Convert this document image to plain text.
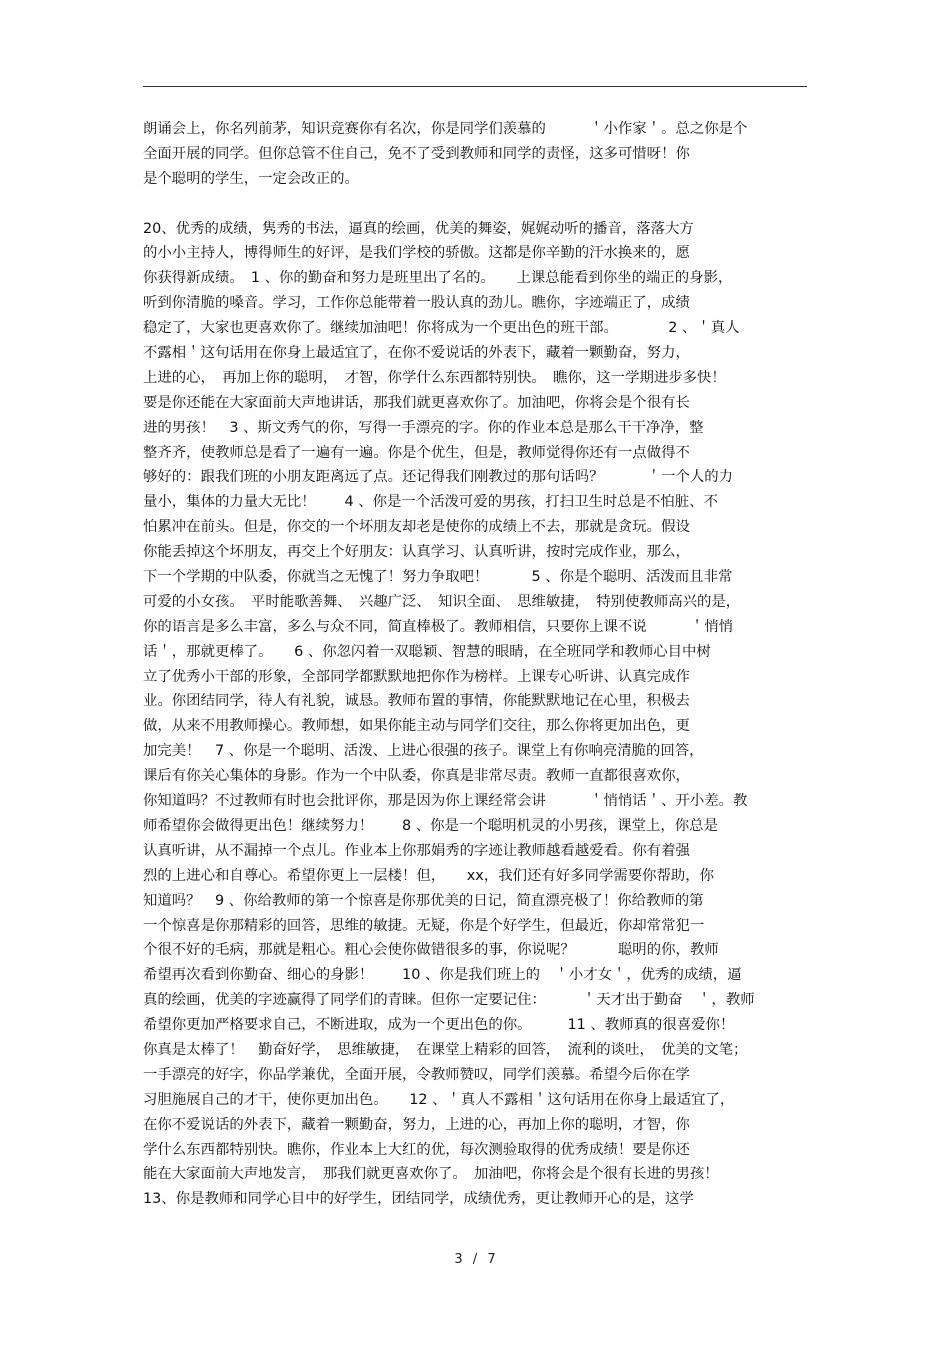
朗诵会上，你名列前茅，知识竞赛你有名次，你是同学们羡慕的　　　＇小作家＇。总之你是个
全面开展的同学。但你总管不住自己，免不了受到教师和同学的责怪，这多可惜呀！你
是个聪明的学生，一定会改正的。
20、优秀的成绩，隽秀的书法，逼真的绘画，优美的舞姿，娓娓动听的播音，落落大方
的小小主持人，博得师生的好评，是我们学校的骄傲。这都是你辛勤的汗水换来的，愿
你获得新成绩。　1 、你的勤奋和努力是班里出了名的。　　上课总能看到你坐的端正的身影，
听到你清脆的嗓音。学习，工作你总能带着一股认真的劲儿。瞧你，字迹端正了，成绩
稳定了，大家也更喜欢你了。继续加油吧！你将成为一个更出色的班干部。　　　　2 、＇真人
不露相＇这句话用在你身上最适宜了，在你不爱说话的外表下，藏着一颗勤奋，努力，
上进的心，　再加上你的聪明，　才智，你学什么东西都特别快。　瞧你，这一学期进步多快！
要是你还能在大家面前大声地讲话，那我们就更喜欢你了。加油吧，你将会是个很有长
进的男孩！　3 、斯文秀气的你，写得一手漂亮的字。你的作业本总是那么干干净净，整
整齐齐，使教师总是看了一遍有一遍。你是个优生，但是，教师觉得你还有一点做得不
够好的：跟我们班的小朋友距离远了点。还记得我们刚教过的那句话吗？　　　＇一个人的力
量小，集体的力量大无比！　　4 、你是一个活泼可爱的男孩，打扫卫生时总是不怕脏、不
怕累冲在前头。但是，你交的一个坏朋友却老是使你的成绩上不去，那就是贪玩。假设
你能丢掉这个坏朋友，再交上个好朋友：认真学习、认真听讲，按时完成作业，那么，
下一个学期的中队委，你就当之无愧了！努力争取吧！　　　5 、你是个聪明、活泼而且非常
可爱的小女孩。　平时能歌善舞、　兴趣广泛、　知识全面、　思维敏捷，　特别使教师高兴的是，
你的语言是多么丰富，多么与众不同，简直棒极了。教师相信，只要你上课不说　　　＇悄悄
话＇，那就更棒了。　　6 、你忽闪着一双聪颖、智慧的眼睛，在全班同学和教师心目中树
立了优秀小干部的形象，全部同学都默默地把你作为榜样。上课专心听讲、认真完成作
业。你团结同学，待人有礼貌，诚恳。教师布置的事情，你能默默地记在心里，积极去
做，从来不用教师操心。教师想，如果你能主动与同学们交往，那么你将更加出色，更
加完美！　7 、你是一个聪明、活泼、上进心很强的孩子。课堂上有你响亮清脆的回答，
课后有你关心集体的身影。作为一个中队委，你真是非常尽责。教师一直都很喜欢你，
你知道吗？不过教师有时也会批评你，那是因为你上课经常会讲　　　＇悄悄话＇、开小差。教
师希望你会做得更出色！继续努力！　　8 、你是一个聪明机灵的小男孩，课堂上，你总是
认真听讲，从不漏掉一个点儿。作业本上你那娟秀的字迹让教师越看越爱看。你有着强
烈的上进心和自尊心。希望你更上一层楼！但，　　xx，我们还有好多同学需要你帮助，你
知道吗？　9 、你给教师的第一个惊喜是你那优美的日记，简直漂亮极了！你给教师的第
一个惊喜是你那精彩的回答，思维的敏捷。无疑，你是个好学生，但最近，你却常常犯一
个很不好的毛病，那就是粗心。粗心会使你做错很多的事，你说呢？　　　聪明的你，教师
希望再次看到你勤奋、细心的身影！　　10 、你是我们班上的　＇小才女＇，优秀的成绩，逼
真的绘画，优美的字迹赢得了同学们的青睐。但你一定要记住：　　　＇天才出于勤奋　＇，教师
希望你更加严格要求自己，不断进取，成为一个更出色的你。　　　11 、教师真的很喜爱你！
你真是太棒了！　勤奋好学，　思维敏捷，　在课堂上精彩的回答，　流利的谈吐，　优美的文笔；
一手漂亮的好字，你品学兼优，全面开展，令教师赞叹，同学们羡慕。希望今后你在学
习胆施展自己的才干，使你更加出色。　　12 、＇真人不露相＇这句话用在你身上最适宜了，
在你不爱说话的外表下，藏着一颗勤奋，努力，上进的心，再加上你的聪明，才智，你
学什么东西都特别快。瞧你，作业本上大红的优，每次测验取得的优秀成绩！要是你还
能在大家面前大声地发言，　那我们就更喜欢你了。　加油吧，你将会是个很有长进的男孩！
13、你是教师和同学心目中的好学生，团结同学，成绩优秀，更让教师开心的是，这学
3 / 7
